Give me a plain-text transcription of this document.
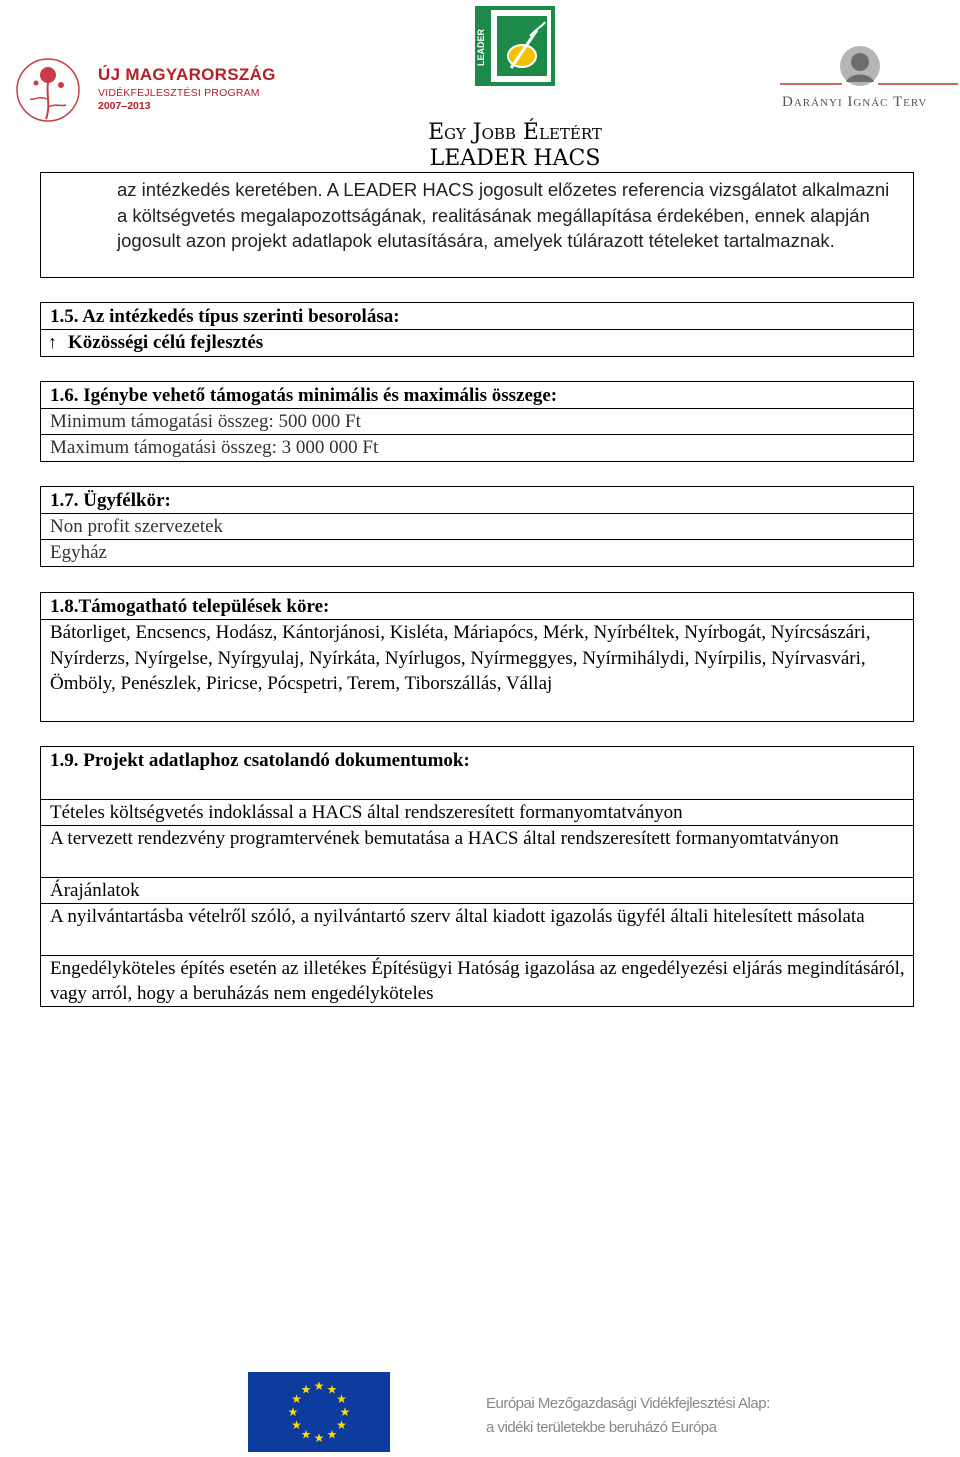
ÚJ MAGYARORSZÁG
VIDÉKFEJLESZTÉSI PROGRAM
2007–2013
LEADER
Darányi Ignác Terv
Egy Jobb Életért
LEADER HACS
az intézkedés keretében. A LEADER HACS jogosult előzetes referencia vizsgálatot alkalmazni a költségvetés megalapozottságának, realitásának megállapítása érdekében, ennek alapján jogosult azon projekt adatlapok elutasítására, amelyek túlárazott tételeket tartalmaznak.
1.5. Az intézkedés típus szerinti besorolása:
↑ Közösségi célú fejlesztés
1.6. Igénybe vehető támogatás minimális és maximális összege:
Minimum támogatási összeg: 500 000 Ft
Maximum támogatási összeg: 3 000 000 Ft
1.7. Ügyfélkör:
Non profit szervezetek
Egyház
1.8.Támogatható települések köre:
Bátorliget, Encsencs, Hodász, Kántorjánosi, Kisléta, Máriapócs, Mérk, Nyírbéltek, Nyírbogát, Nyírcsászári, Nyírderzs, Nyírgelse, Nyírgyulaj, Nyírkáta, Nyírlugos, Nyírmeggyes, Nyírmihálydi, Nyírpilis, Nyírvasvári, Ömböly, Penészlek, Piricse, Pócspetri, Terem, Tiborszállás, Vállaj
1.9. Projekt adatlaphoz csatolandó dokumentumok:
Tételes költségvetés indoklással a HACS által rendszeresített formanyomtatványon
A tervezett rendezvény programtervének bemutatása a HACS által rendszeresített formanyomtatványon
Árajánlatok
A nyilvántartásba vételről szóló, a nyilvántartó szerv által kiadott igazolás ügyfél általi hitelesített másolata
Engedélyköteles építés esetén az illetékes Építésügyi Hatóság igazolása az engedélyezési eljárás megindításáról, vagy arról, hogy a beruházás nem engedélyköteles
★ ★
★
★
★
★
★
★
★
★
★
★
Európai Mezőgazdasági Vidékfejlesztési Alap:
a vidéki területekbe beruházó Európa
